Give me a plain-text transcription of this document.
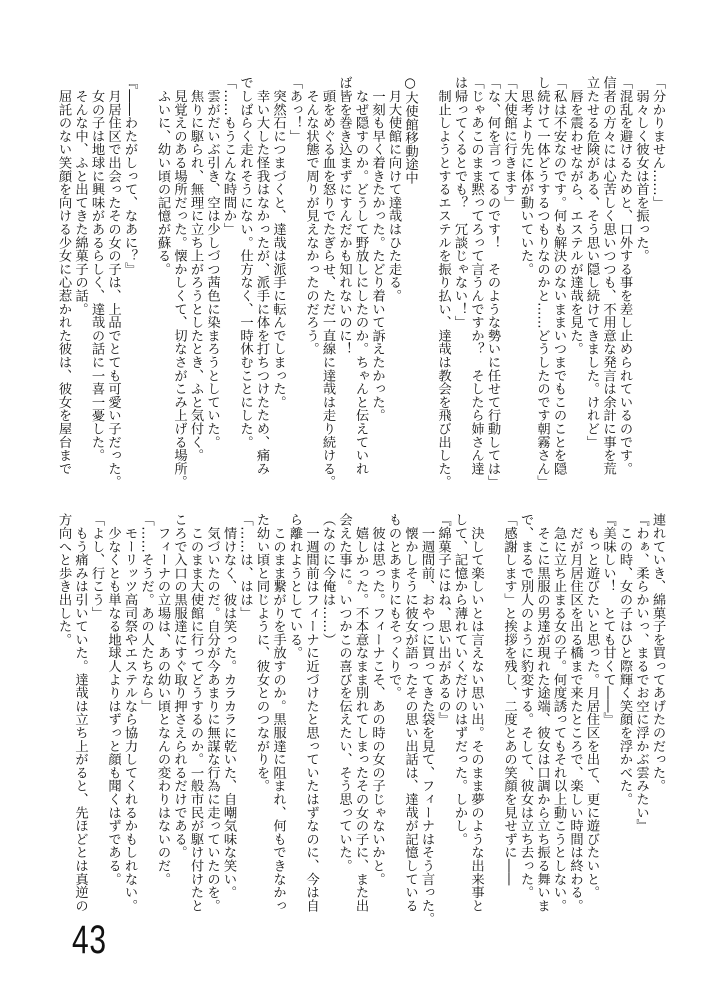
「分かりません……」
　弱々しく彼女は首を振った。
「混乱を避けるためと、口外する事を差し止められているのです。
信者の方々には心苦しく思いつつも、不用意な発言は余計に事を荒
立たせる危険がある、そう思い隠し続けてきました。けれど」
　唇を震わせながら、エステルが達哉を見た。
「私は不安なのです。何も解決のないままいつまでもこのことを隠
し続けて一体どうするつもりなのかと……どうしたのです朝霧さん」
　思考より先に体が動いていた。
「大使館に行きます」
「な、何を言ってるのです！　そのような勢いに任せて行動しては」
「じゃあこのまま黙ってろって言うんですか？　そしたら姉さん達
は帰ってくるとでも？　冗談じゃない！」
　制止しようとするエステルを振り払い、達哉は教会を飛び出した。
○大使館移動途中
　月大使館に向けて達哉はひた走る。
　一刻も早く着きたかった。たどり着いて訴えたかった。
　なぜ隠すのか。どうして野放しにしたのか。ちゃんと伝えていれ
ば皆を巻き込まずにすんだかも知れないのに！
　頭をめぐる血を怒りでたぎらせ、ただ一直線に達哉は走り続ける。
　そんな状態で周りが見えなかったのだろう。
「あっ！」
　突然石につまづくと、達哉は派手に転んでしまった。
　幸い大した怪我はなかったが、派手に体を打ちつけたため、痛み
でしばらく走れそうにない。仕方なく、一時休むことにした。
「……もうこんな時間か」
　雲がだいぶ引き、空は少しづつ茜色に染まろうとしていた。
　焦りに駆られ、無理に立ち上がろうとしたとき、ふと気付く。
　見覚えのある場所だった。懐かしくて、切なさがこみ上げる場所。
　ふいに、幼い頃の記憶が蘇る。
『――わたがしって、なあに？』
　月居住区で出会ったその女の子は、上品でとても可愛い子だった。
　女の子は地球に興味があるらしく、達哉の話に一喜一憂した。
　そんな中、ふと出てきた綿菓子の話。
　屈託のない笑顔を向ける少女に心惹かれた彼は、彼女を屋台まで
連れていき、綿菓子を買ってあげたのだった。
『わぁ、柔らかいっ、まるでお空に浮かぶ雲みたい』
　この時、女の子はひと際輝く笑顔を浮かべた。
『美味しい！　とても甘くて――』
　もっと遊びたいと思った。月居住区を出て、更に遊びたいと。
　だが月居住区を出る橋まで来たところで、楽しい時間は終わる。
　急に立ち止まる女の子。何度誘ってもそれ以上動こうとしない。
　そこに黒服の男達が現れた途端、彼女は口調から立ち振る舞いま
で、まるで別人のように豹変する。そして、彼女は立ち去った。
「感謝します」と挨拶を残し、二度とあの笑顔を見せずに――
　決して楽しいとは言えない思い出。そのまま夢のような出来事と
して、記憶から薄れていくだけのはずだった。しかし。
『綿菓子にはね、思い出があるの』
　一週間前、おやつに買ってきた袋を見て、フィーナはそう言った。
　懐かしそうに彼女が語ったその思い出話は、達哉が記憶している
ものとあまりにもそっくりで。
　彼は思った。フィーナこそ、あの時の女の子じゃないかと。
　嬉しかった。不本意なまま別れてしまったその女の子に、また出
会えた事に。いつかこの喜びを伝えたい、そう思っていた。
（なのに今俺は……）
　一週間前はフィーナに近づけたと思っていたはずなのに、今は自
ら離れようとしている。
　このまま繋がりを手放すのか。黒服達に阻まれ、何もできなかっ
た幼い頃と同じように、彼女とのつながりを。
「……は、はは」
　情けなく、彼は笑った。カラカラに乾いた、自嘲気味な笑い。
　気づいたのだ。自分が今あまりに無謀な行為に走っていたのを。
　このまま大使館に行ってどうするのか。一般市民が駆け付けたと
ころで入口の黒服達にすぐ取り押さえられるだけである。
　フィーナの立場は、あの幼い頃となんの変わりはないのだ。
「……そうだ。あの人たちなら」
　モーリッツ高司祭やエステルなら協力してくれるかもしれない。
　少なくとも単なる地球人よりはずっと顔も聞くはずである。
「よし、行こう」
　もう痛みは引いていた。達哉は立ち上がると、先ほどとは真逆の
方向へと歩き出した。
43
